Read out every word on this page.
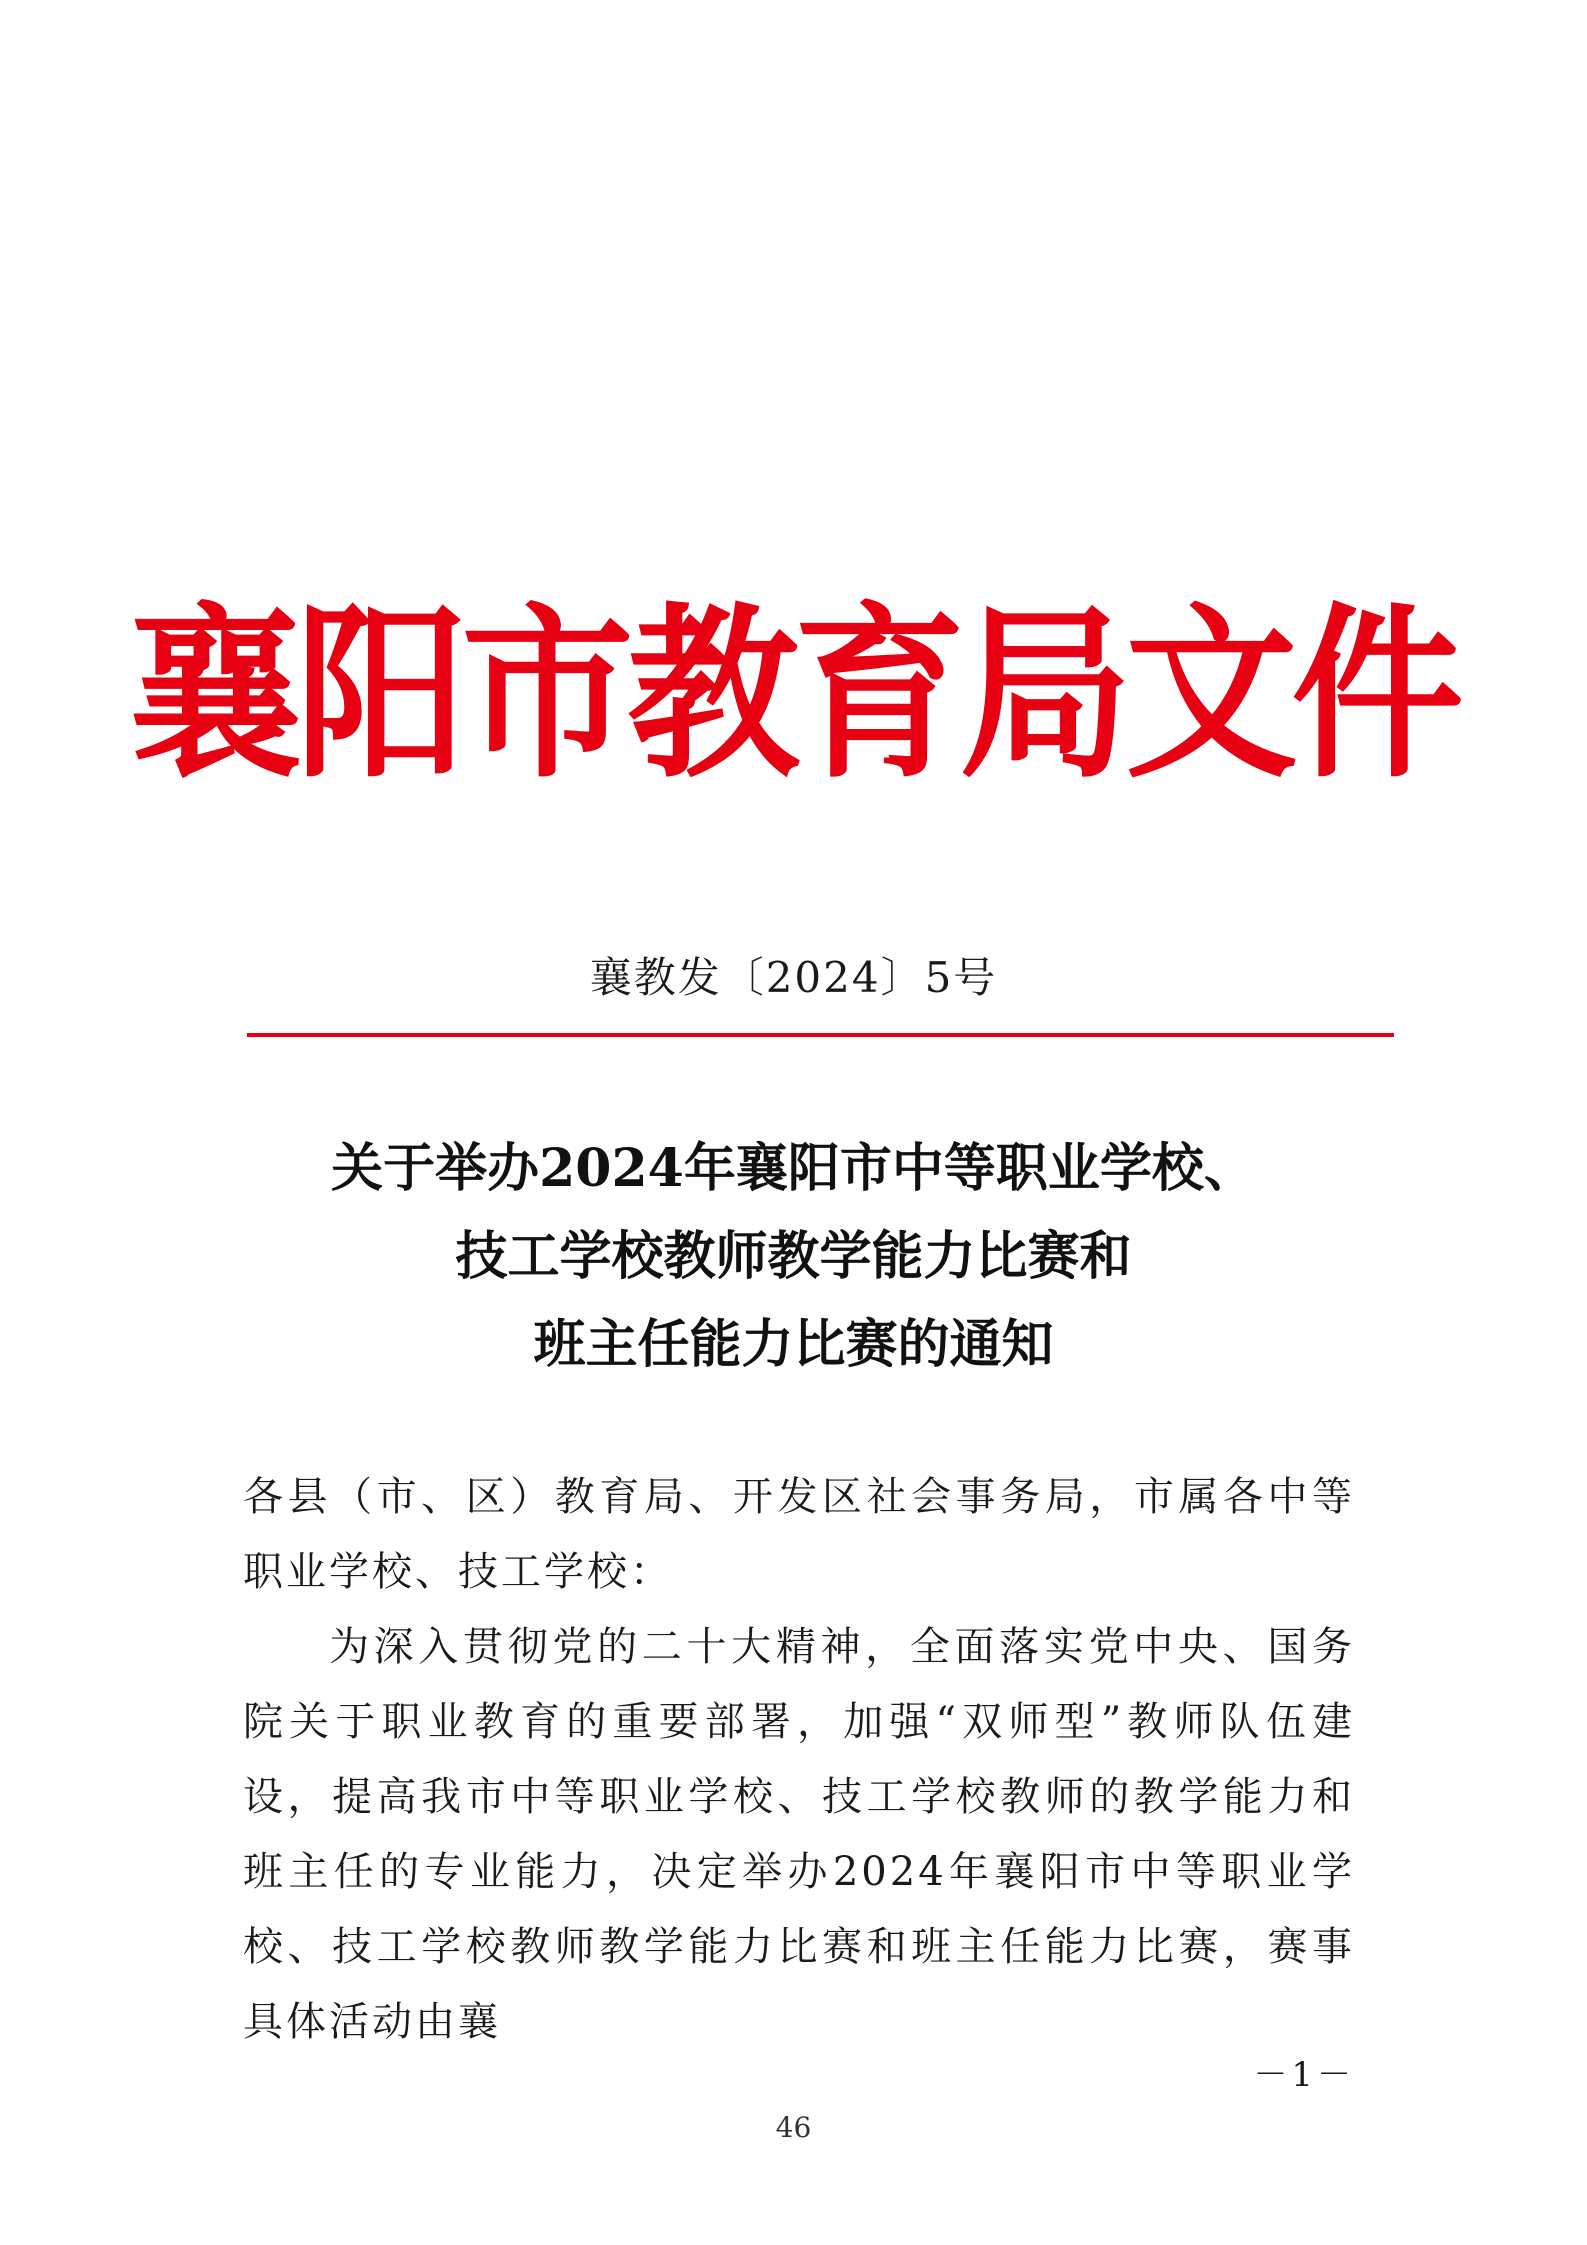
襄阳市教育局文件
襄教发〔2024〕5号
关于举办2024年襄阳市中等职业学校、
技工学校教师教学能力比赛和
班主任能力比赛的通知

各县（市、区）教育局、开发区社会事务局，市属各中等职业学校、技工学校：

为深入贯彻党的二十大精神，全面落实党中央、国务院关于职业教育的重要部署，加强“双师型”教师队伍建设，提高我市中等职业学校、技工学校教师的教学能力和班主任的专业能力，决定举办2024年襄阳市中等职业学校、技工学校教师教学能力比赛和班主任能力比赛，赛事具体活动由襄

－1－
46
